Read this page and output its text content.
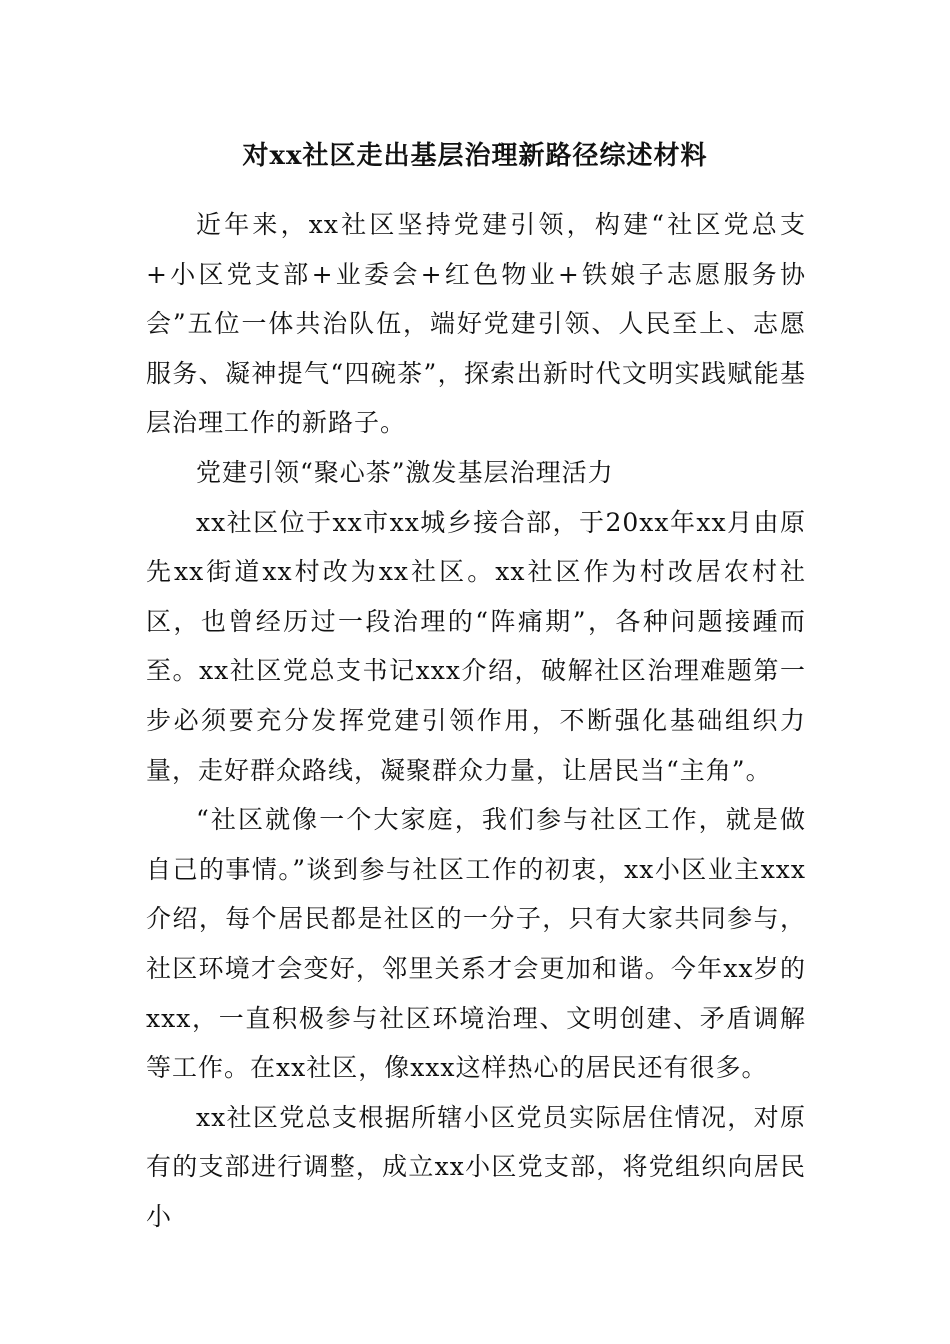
对xx社区走出基层治理新路径综述材料

近年来，xx社区坚持党建引领，构建“社区党总支+小区党支部+业委会+红色物业+铁娘子志愿服务协会”五位一体共治队伍，端好党建引领、人民至上、志愿服务、凝神提气“四碗茶”，探索出新时代文明实践赋能基层治理工作的新路子。

党建引领“聚心茶”激发基层治理活力

xx社区位于xx市xx城乡接合部，于20xx年xx月由原先xx街道xx村改为xx社区。xx社区作为村改居农村社区，也曾经历过一段治理的“阵痛期”，各种问题接踵而至。xx社区党总支书记xxx介绍，破解社区治理难题第一步必须要充分发挥党建引领作用，不断强化基础组织力量，走好群众路线，凝聚群众力量，让居民当“主角”。

“社区就像一个大家庭，我们参与社区工作，就是做自己的事情。”谈到参与社区工作的初衷，xx小区业主xxx介绍，每个居民都是社区的一分子，只有大家共同参与，社区环境才会变好，邻里关系才会更加和谐。今年xx岁的xxx，一直积极参与社区环境治理、文明创建、矛盾调解等工作。在xx社区，像xxx这样热心的居民还有很多。

xx社区党总支根据所辖小区党员实际居住情况，对原有的支部进行调整，成立xx小区党支部，将党组织向居民小
